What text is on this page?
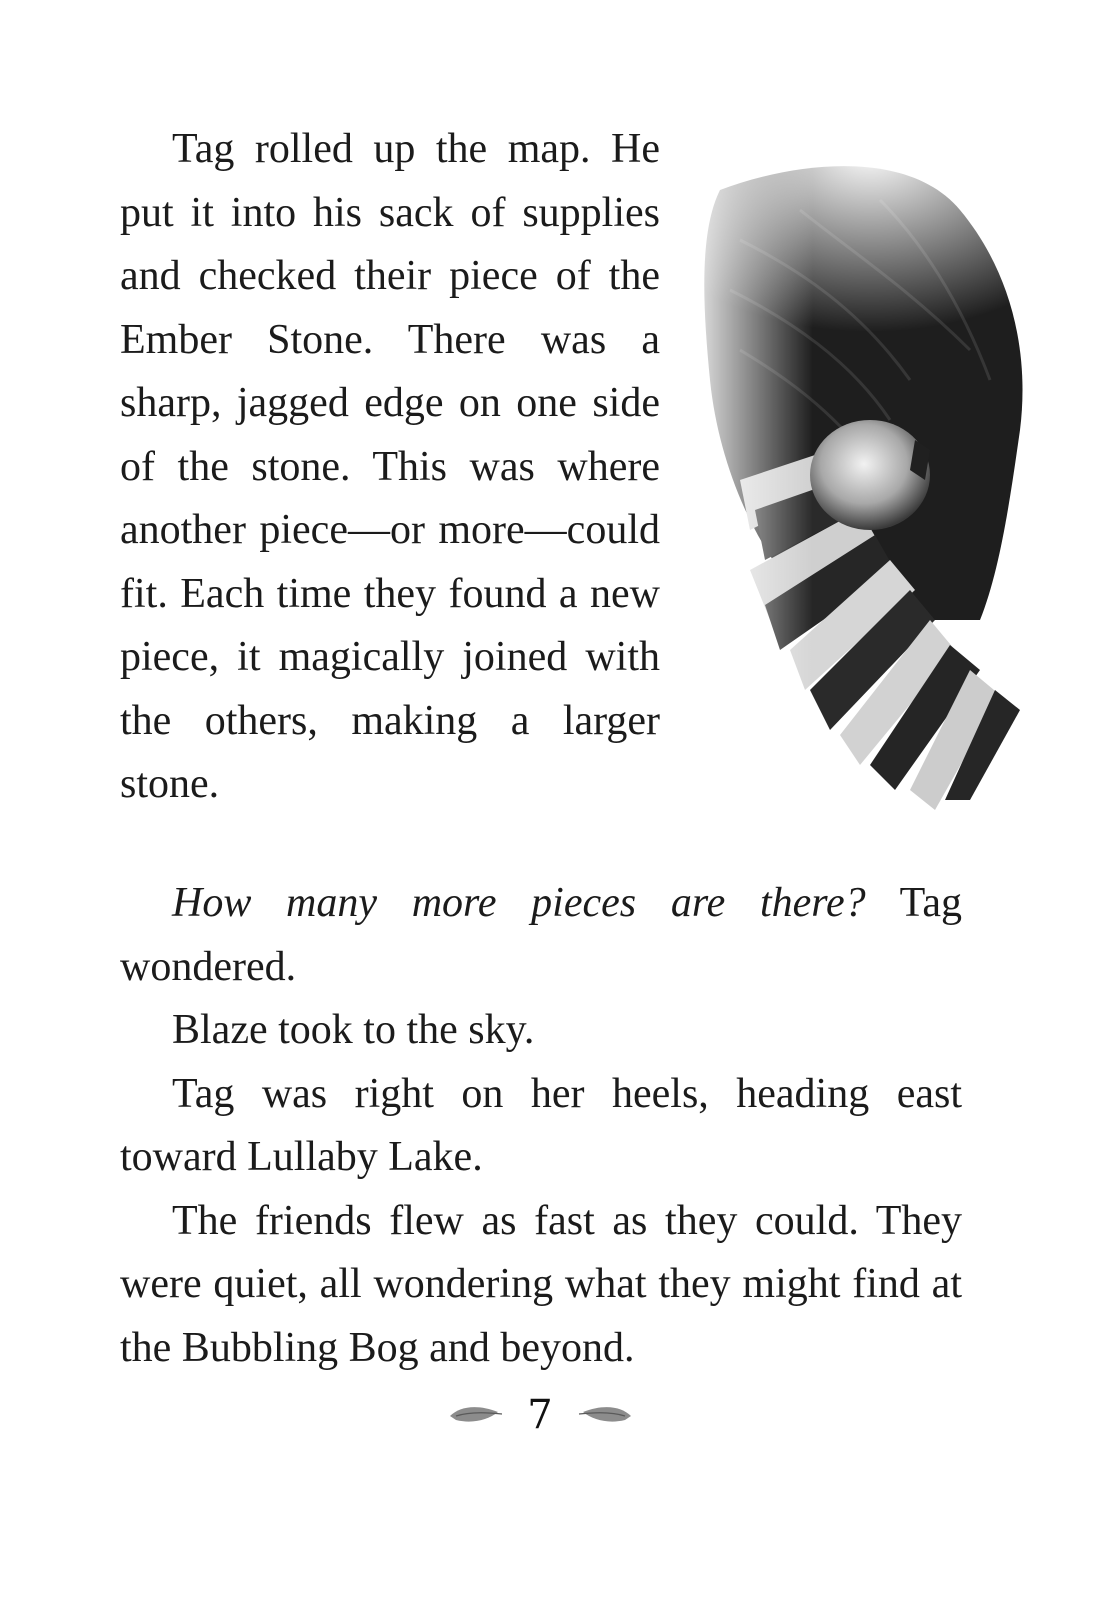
Tag rolled up the map. He put it into his sack of supplies and checked their piece of the Ember Stone. There was a sharp, jagged edge on one side of the stone. This was where another piece—or more—could fit. Each time they found a new piece, it magically joined with the others, making a larger stone.

How many more pieces are there? Tag wondered.

Blaze took to the sky.

Tag was right on her heels, heading east toward Lullaby Lake.

The friends flew as fast as they could. They were quiet, all wondering what they might find at the Bubbling Bog and beyond.

7
